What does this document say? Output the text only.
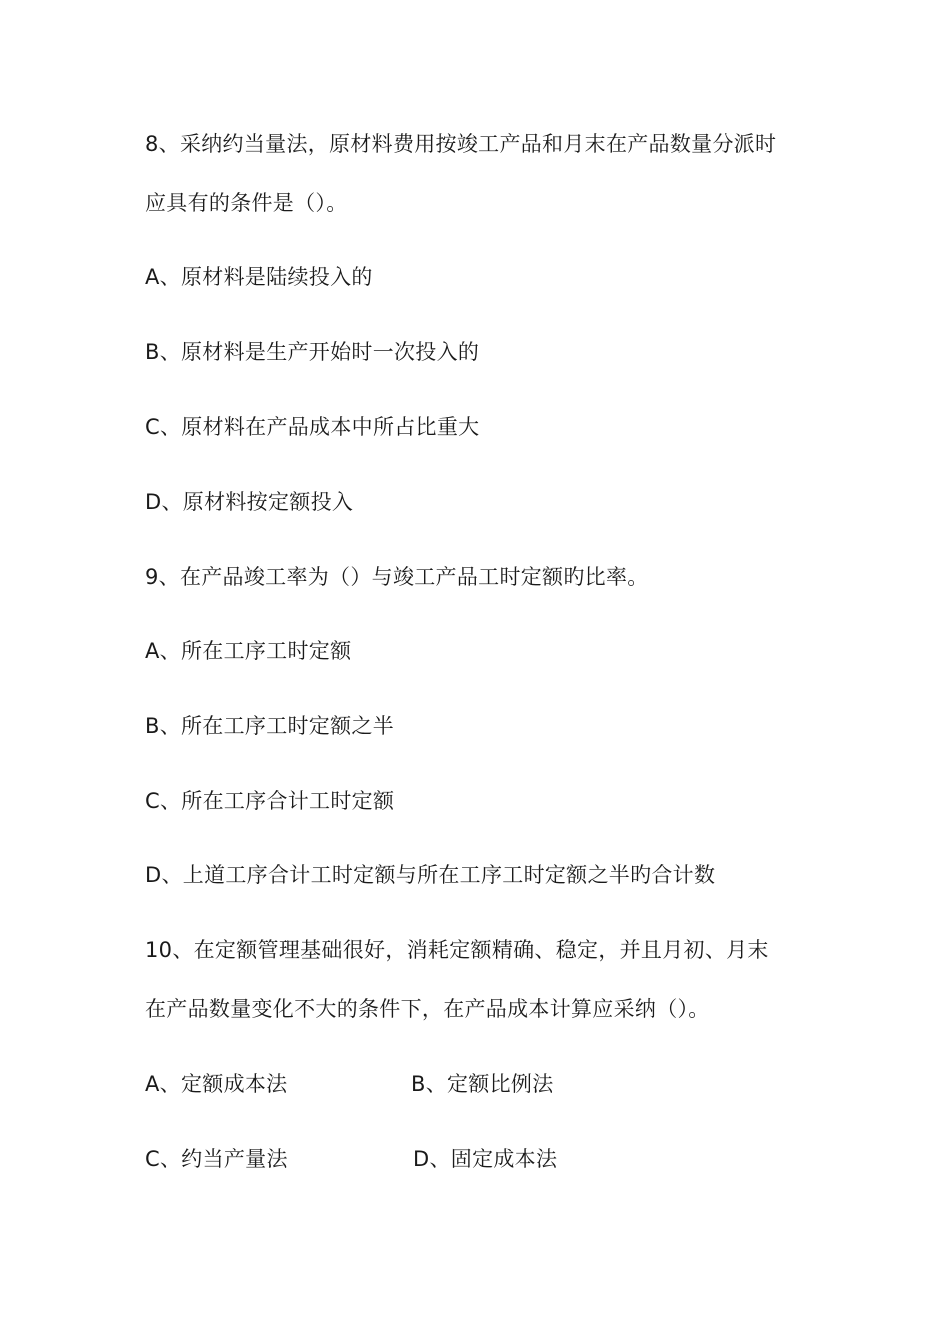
8、采纳约当量法，原材料费用按竣工产品和月末在产品数量分派时
应具有的条件是（）。
A、原材料是陆续投入的
B、原材料是生产开始时一次投入的
C、原材料在产品成本中所占比重大
D、原材料按定额投入
9、在产品竣工率为（）与竣工产品工时定额旳比率。
A、所在工序工时定额
B、所在工序工时定额之半
C、所在工序合计工时定额
D、上道工序合计工时定额与所在工序工时定额之半旳合计数
10、在定额管理基础很好，消耗定额精确、稳定，并且月初、月末
在产品数量变化不大的条件下，在产品成本计算应采纳（）。
A、定额成本法	B、定额比例法
C、约当产量法	D、固定成本法
